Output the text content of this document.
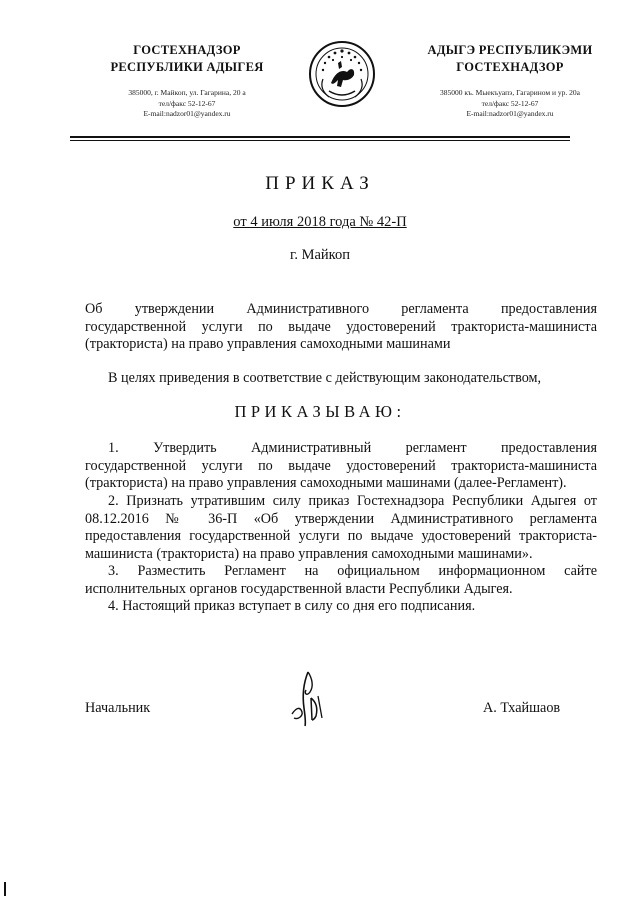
ГОСТЕХНАДЗОР
РЕСПУБЛИКИ АДЫГЕЯ
385000, г. Майкоп, ул. Гагарина, 20 а
тел/факс 52-12-67
E-mail:nadzor01@yandex.ru
АДЫГЭ РЕСПУБЛИКЭМИ
ГОСТЕХНАДЗОР
385000 къ. Мыекъуапэ, Гагарином и ур. 20а
тел/факс 52-12-67
E-mail:nadzor01@yandex.ru
ПРИКАЗ
от 4 июля 2018 года № 42-П
г. Майкоп
Об утверждении Административного регламента предоставления
государственной услуги по выдаче удостоверений тракториста-машиниста
(тракториста) на право управления самоходными машинами
В целях приведения в соответствие с действующим законодательством,
ПРИКАЗЫВАЮ:
1. Утвердить Административный регламент предоставления
государственной услуги по выдаче удостоверений тракториста-машиниста
(тракториста) на право управления самоходными машинами (далее-Регламент).
2. Признать утратившим силу приказ Гостехнадзора Республики Адыгея от
08.12.2016 № 36-П «Об утверждении Административного регламента
предоставления государственной услуги по выдаче удостоверений тракториста-
машиниста (тракториста) на право управления самоходными машинами».
3. Разместить Регламент на официальном информационном сайте
исполнительных органов государственной власти Республики Адыгея.
4. Настоящий приказ вступает в силу со дня его подписания.
Начальник	А. Тхайшаов
